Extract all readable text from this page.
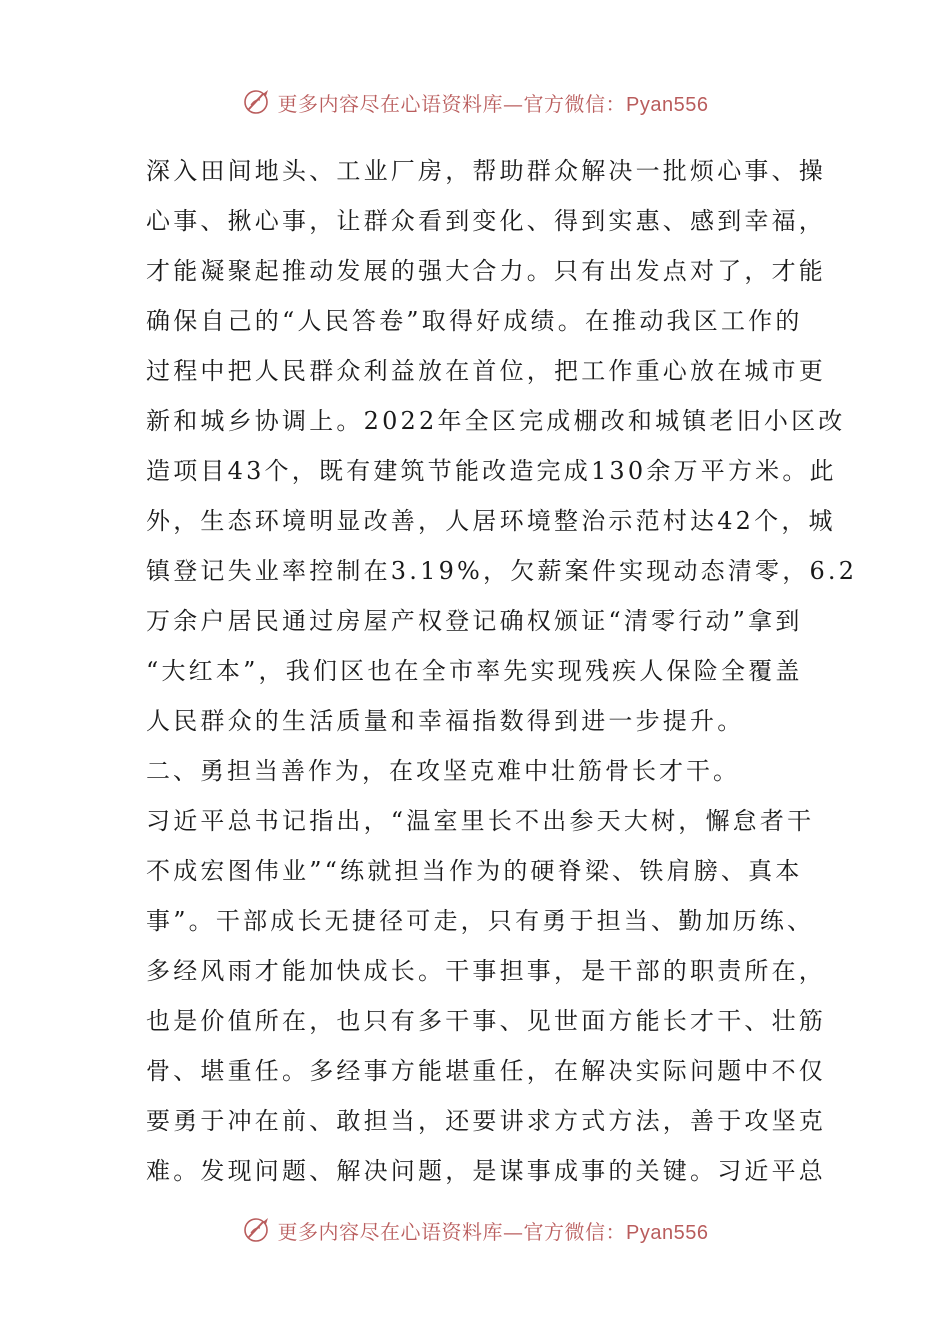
更多内容尽在心语资料库—官方微信：Pyan556
深入田间地头、工业厂房，帮助群众解决一批烦心事、操
心事、揪心事，让群众看到变化、得到实惠、感到幸福，
才能凝聚起推动发展的强大合力。只有出发点对了，才能
确保自己的“人民答卷”取得好成绩。在推动我区工作的
过程中把人民群众利益放在首位，把工作重心放在城市更
新和城乡协调上。2022年全区完成棚改和城镇老旧小区改
造项目43个，既有建筑节能改造完成130余万平方米。此
外，生态环境明显改善，人居环境整治示范村达42个，城
镇登记失业率控制在3.19%，欠薪案件实现动态清零，6.2
万余户居民通过房屋产权登记确权颁证“清零行动”拿到
“大红本”，我们区也在全市率先实现残疾人保险全覆盖
人民群众的生活质量和幸福指数得到进一步提升。
二、勇担当善作为，在攻坚克难中壮筋骨长才干。
习近平总书记指出，“温室里长不出参天大树，懈怠者干
不成宏图伟业”“练就担当作为的硬脊梁、铁肩膀、真本
事”。干部成长无捷径可走，只有勇于担当、勤加历练、
多经风雨才能加快成长。干事担事，是干部的职责所在，
也是价值所在，也只有多干事、见世面方能长才干、壮筋
骨、堪重任。多经事方能堪重任，在解决实际问题中不仅
要勇于冲在前、敢担当，还要讲求方式方法，善于攻坚克
难。发现问题、解决问题，是谋事成事的关键。习近平总
更多内容尽在心语资料库—官方微信：Pyan556
